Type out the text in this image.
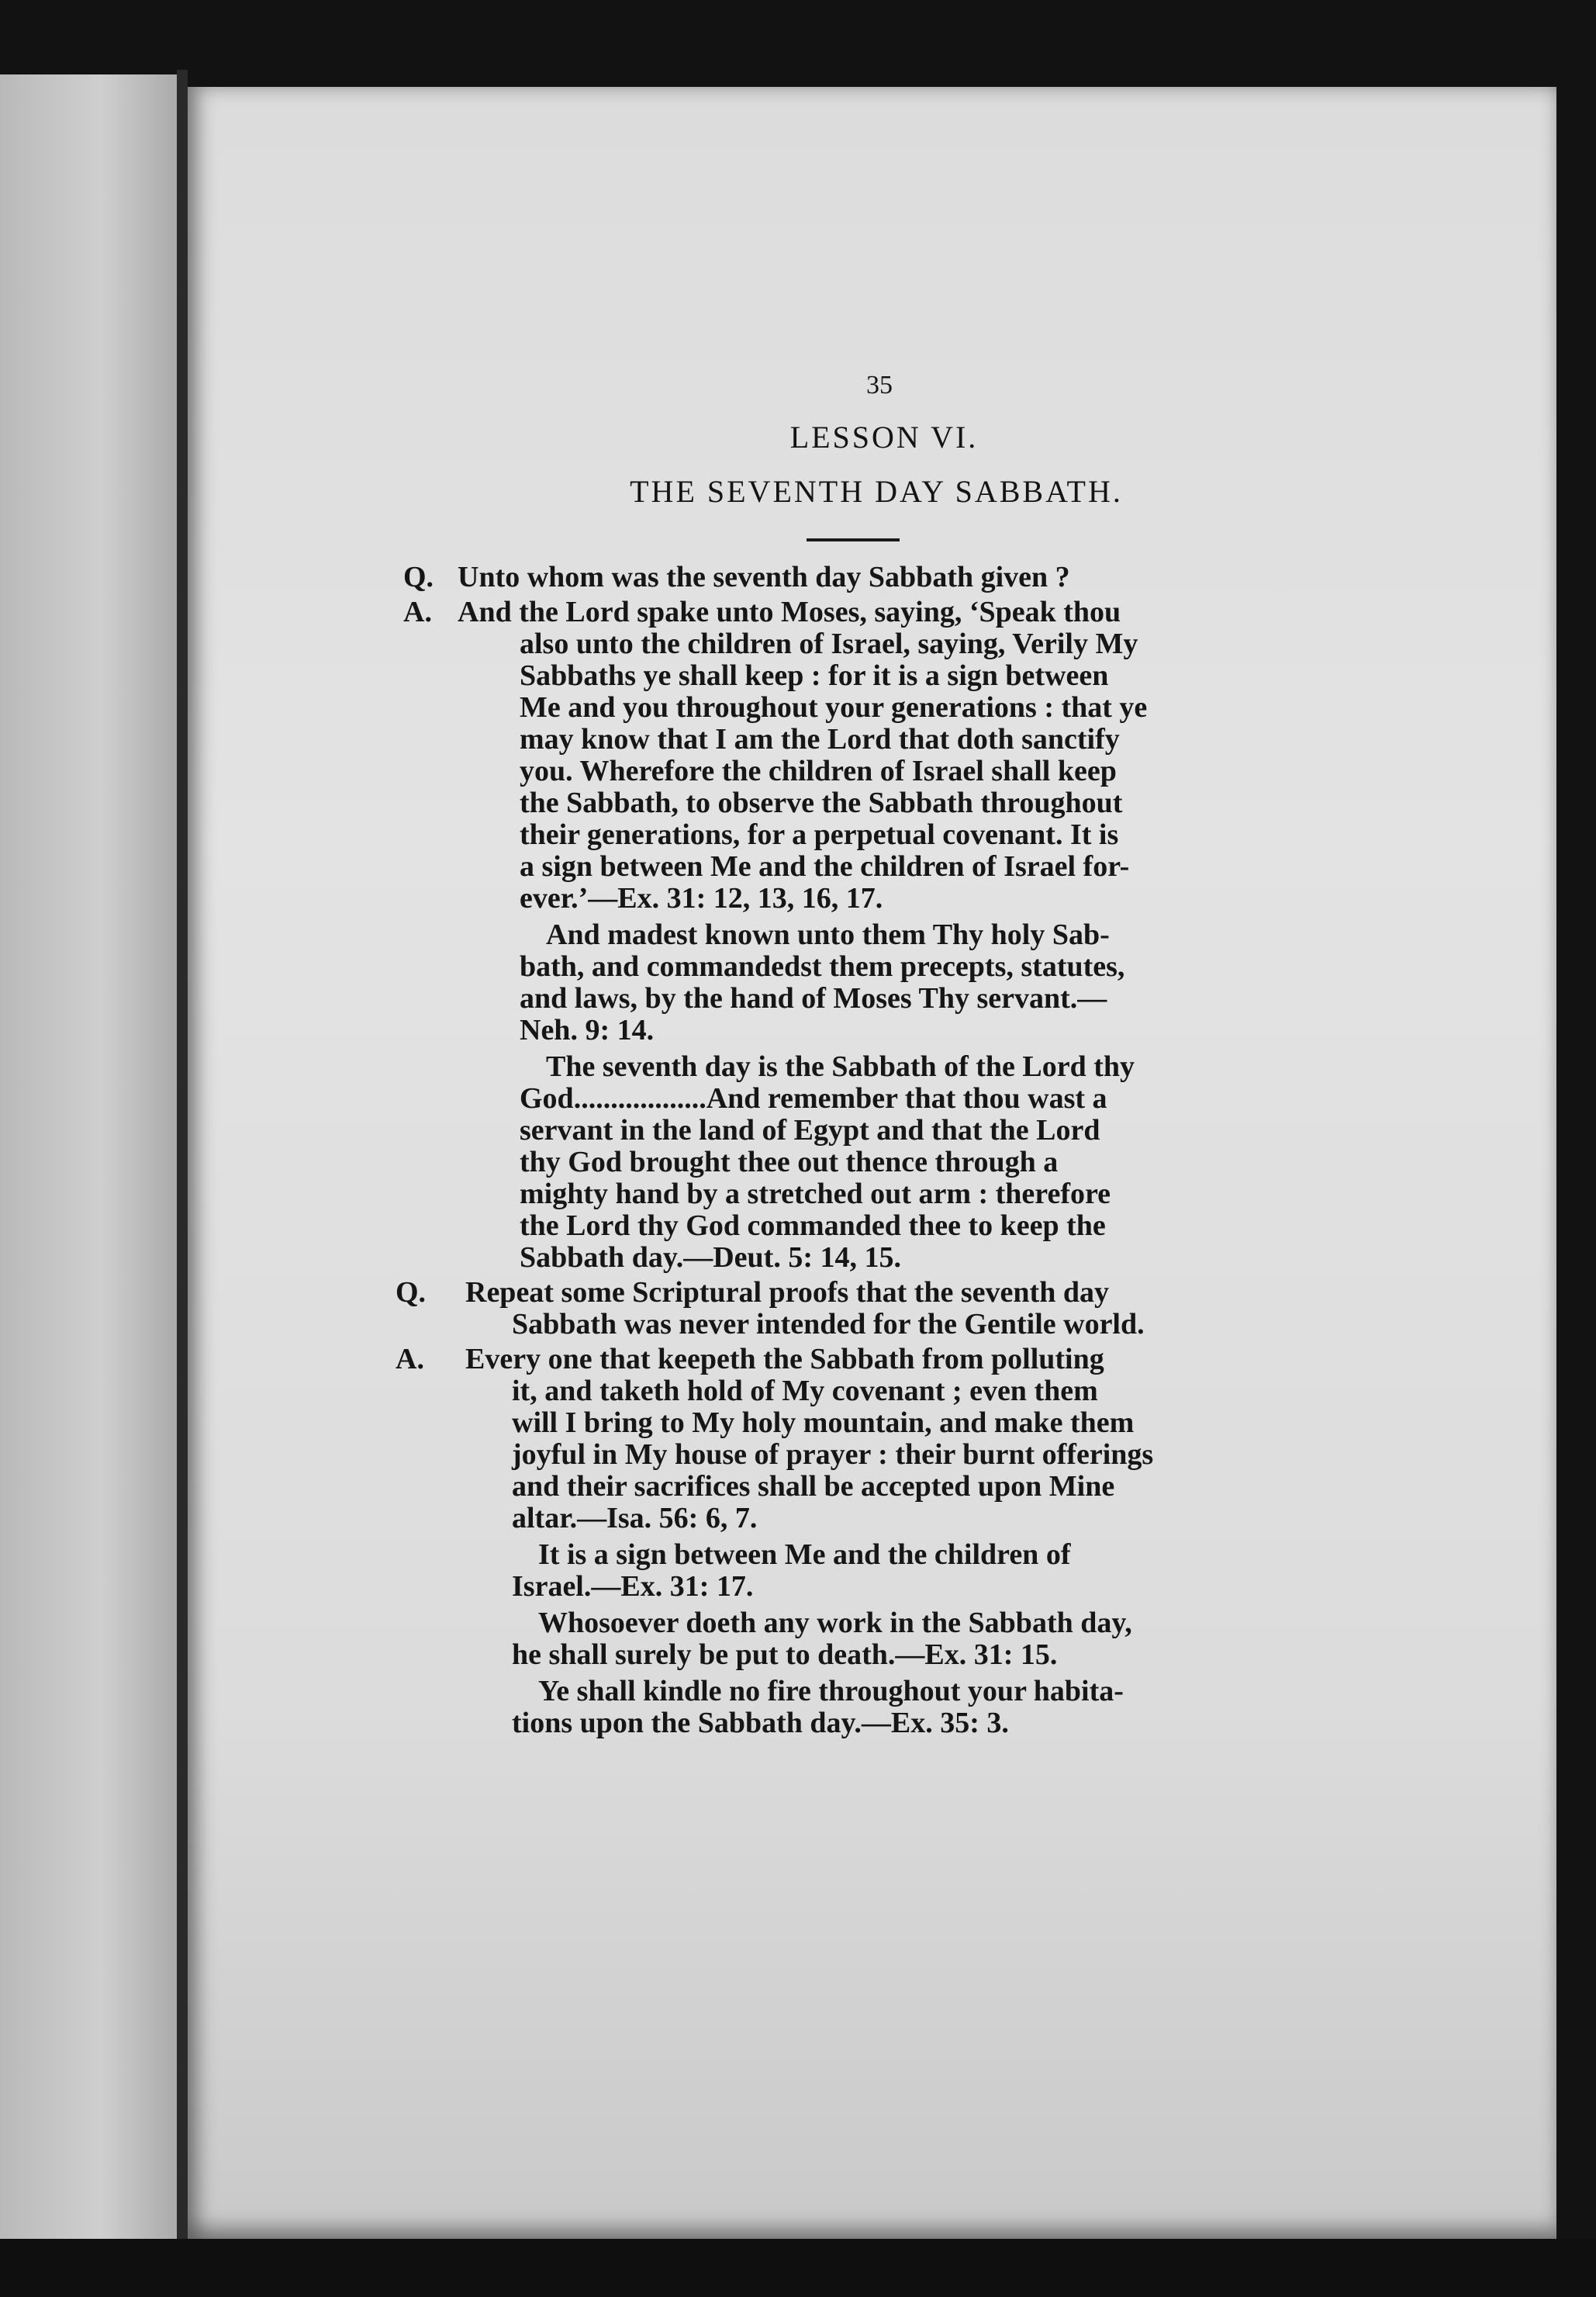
35
LESSON VI.
THE SEVENTH DAY SABBATH.
Q. Unto whom was the seventh day Sabbath given ?
A. And the Lord spake unto Moses, saying, ‘Speak thou
also unto the children of Israel, saying, Verily My
Sabbaths ye shall keep : for it is a sign between
Me and you throughout your generations : that ye
may know that I am the Lord that doth sanctify
you. Wherefore the children of Israel shall keep
the Sabbath, to observe the Sabbath throughout
their generations, for a perpetual covenant. It is
a sign between Me and the children of Israel for-
ever.’—Ex. 31: 12, 13, 16, 17.
And madest known unto them Thy holy Sab-
bath, and commandedst them precepts, statutes,
and laws, by the hand of Moses Thy servant.—
Neh. 9: 14.
The seventh day is the Sabbath of the Lord thy
God..................And remember that thou wast a
servant in the land of Egypt and that the Lord
thy God brought thee out thence through a
mighty hand by a stretched out arm : therefore
the Lord thy God commanded thee to keep the
Sabbath day.—Deut. 5: 14, 15.
Q.	Repeat some Scriptural proofs that the seventh day
Sabbath was never intended for the Gentile world.
A.	Every one that keepeth the Sabbath from polluting
it, and taketh hold of My covenant ; even them
will I bring to My holy mountain, and make them
joyful in My house of prayer : their burnt offerings
and their sacrifices shall be accepted upon Mine
altar.—Isa. 56: 6, 7.
It is a sign between Me and the children of
Israel.—Ex. 31: 17.
Whosoever doeth any work in the Sabbath day,
he shall surely be put to death.—Ex. 31: 15.
Ye shall kindle no fire throughout your habita-
tions upon the Sabbath day.—Ex. 35: 3.
